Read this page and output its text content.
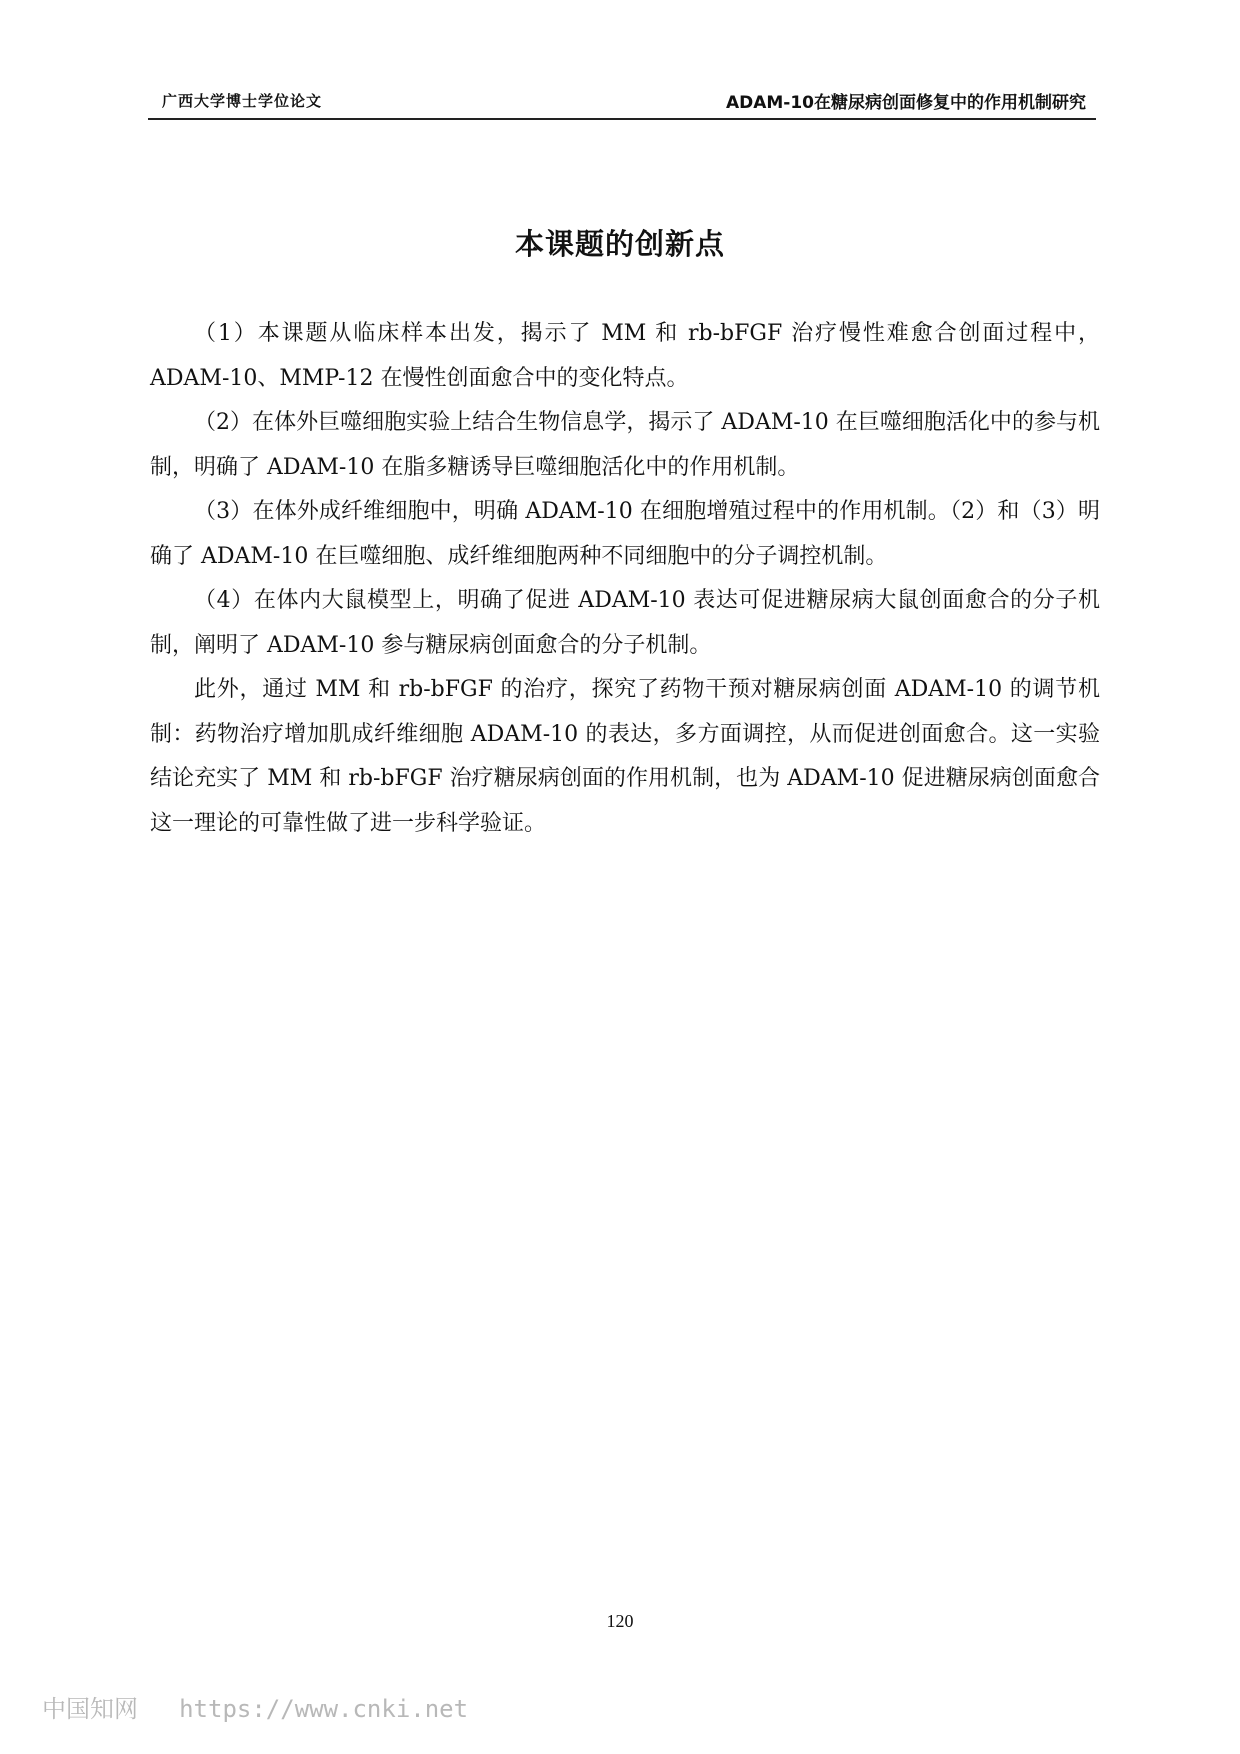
广西大学博士学位论文	ADAM-10在糖尿病创面修复中的作用机制研究
本课题的创新点

（1）本课题从临床样本出发，揭示了 MM 和 rb-bFGF 治疗慢性难愈合创面过程中，ADAM-10、MMP-12 在慢性创面愈合中的变化特点。

（2）在体外巨噬细胞实验上结合生物信息学，揭示了 ADAM-10 在巨噬细胞活化中的参与机制，明确了 ADAM-10 在脂多糖诱导巨噬细胞活化中的作用机制。

（3）在体外成纤维细胞中，明确 ADAM-10 在细胞增殖过程中的作用机制。（2）和（3）明确了 ADAM-10 在巨噬细胞、成纤维细胞两种不同细胞中的分子调控机制。

（4）在体内大鼠模型上，明确了促进 ADAM-10 表达可促进糖尿病大鼠创面愈合的分子机制，阐明了 ADAM-10 参与糖尿病创面愈合的分子机制。

此外，通过 MM 和 rb-bFGF 的治疗，探究了药物干预对糖尿病创面 ADAM-10 的调节机制：药物治疗增加肌成纤维细胞 ADAM-10 的表达，多方面调控，从而促进创面愈合。这一实验结论充实了 MM 和 rb-bFGF 治疗糖尿病创面的作用机制，也为 ADAM-10 促进糖尿病创面愈合这一理论的可靠性做了进一步科学验证。

120
中国知网 https://www.cnki.net
